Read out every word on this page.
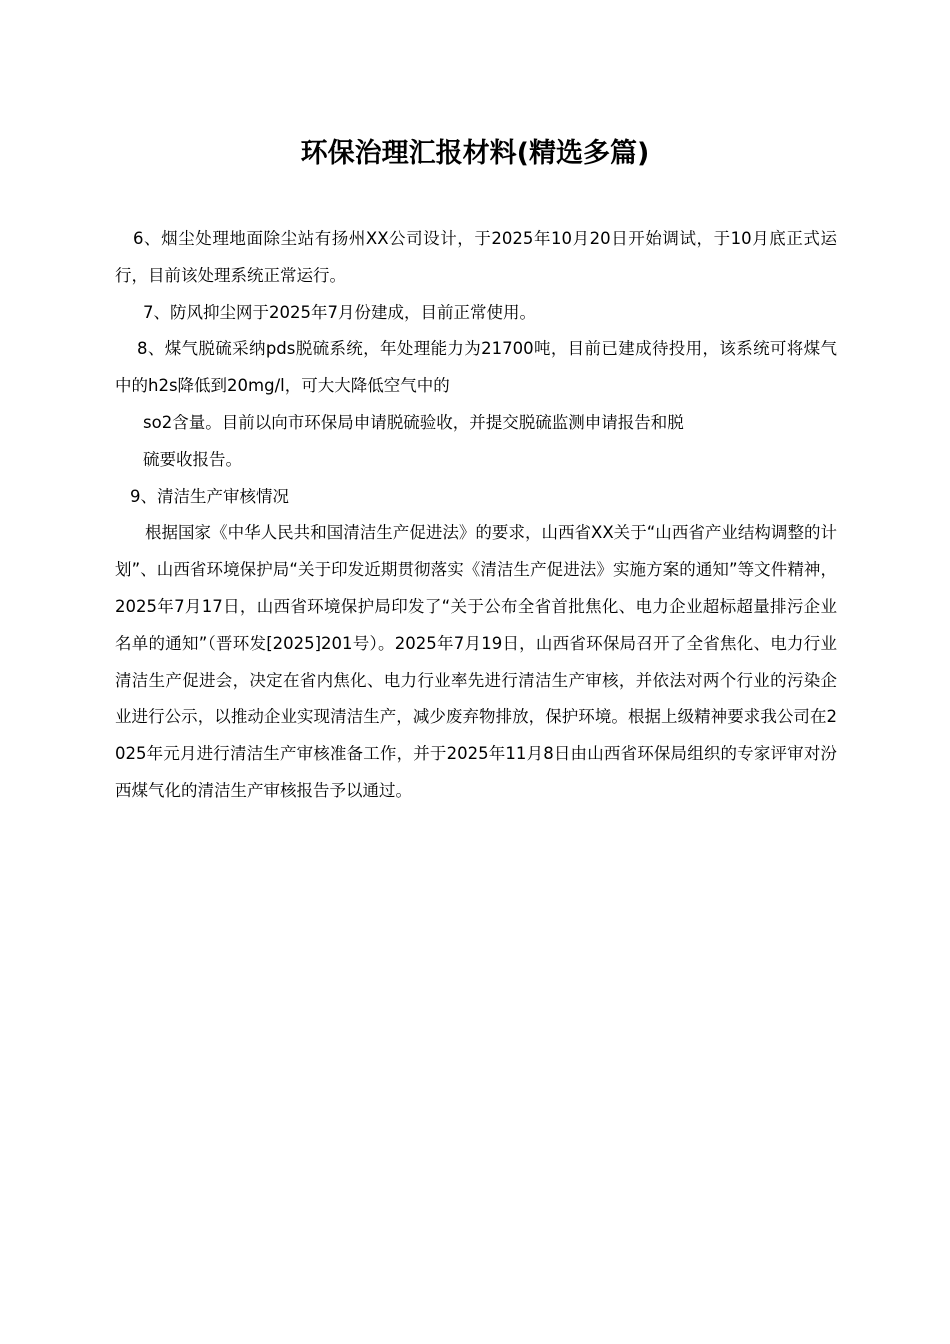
环保治理汇报材料(精选多篇)

6、烟尘处理地面除尘站有扬州XX公司设计，于2025年10月20日开始调试，于10月底正式运行，目前该处理系统正常运行。

7、防风抑尘网于2025年7月份建成，目前正常使用。

8、煤气脱硫采纳pds脱硫系统，年处理能力为21700吨，目前已建成待投用，该系统可将煤气中的h2s降低到20mg/l，可大大降低空气中的

so2含量。目前以向市环保局申请脱硫验收，并提交脱硫监测申请报告和脱

硫要收报告。

9、清洁生产审核情况

根据国家《中华人民共和国清洁生产促进法》的要求，山西省XX关于“山西省产业结构调整的计划”、山西省环境保护局“关于印发近期贯彻落实《清洁生产促进法》实施方案的通知”等文件精神，2025年7月17日，山西省环境保护局印发了“关于公布全省首批焦化、电力企业超标超量排污企业名单的通知”（晋环发[2025]201号）。2025年7月19日，山西省环保局召开了全省焦化、电力行业清洁生产促进会，决定在省内焦化、电力行业率先进行清洁生产审核，并依法对两个行业的污染企业进行公示，以推动企业实现清洁生产，减少废弃物排放，保护环境。根据上级精神要求我公司在2025年元月进行清洁生产审核准备工作，并于2025年11月8日由山西省环保局组织的专家评审对汾西煤气化的清洁生产审核报告予以通过。
